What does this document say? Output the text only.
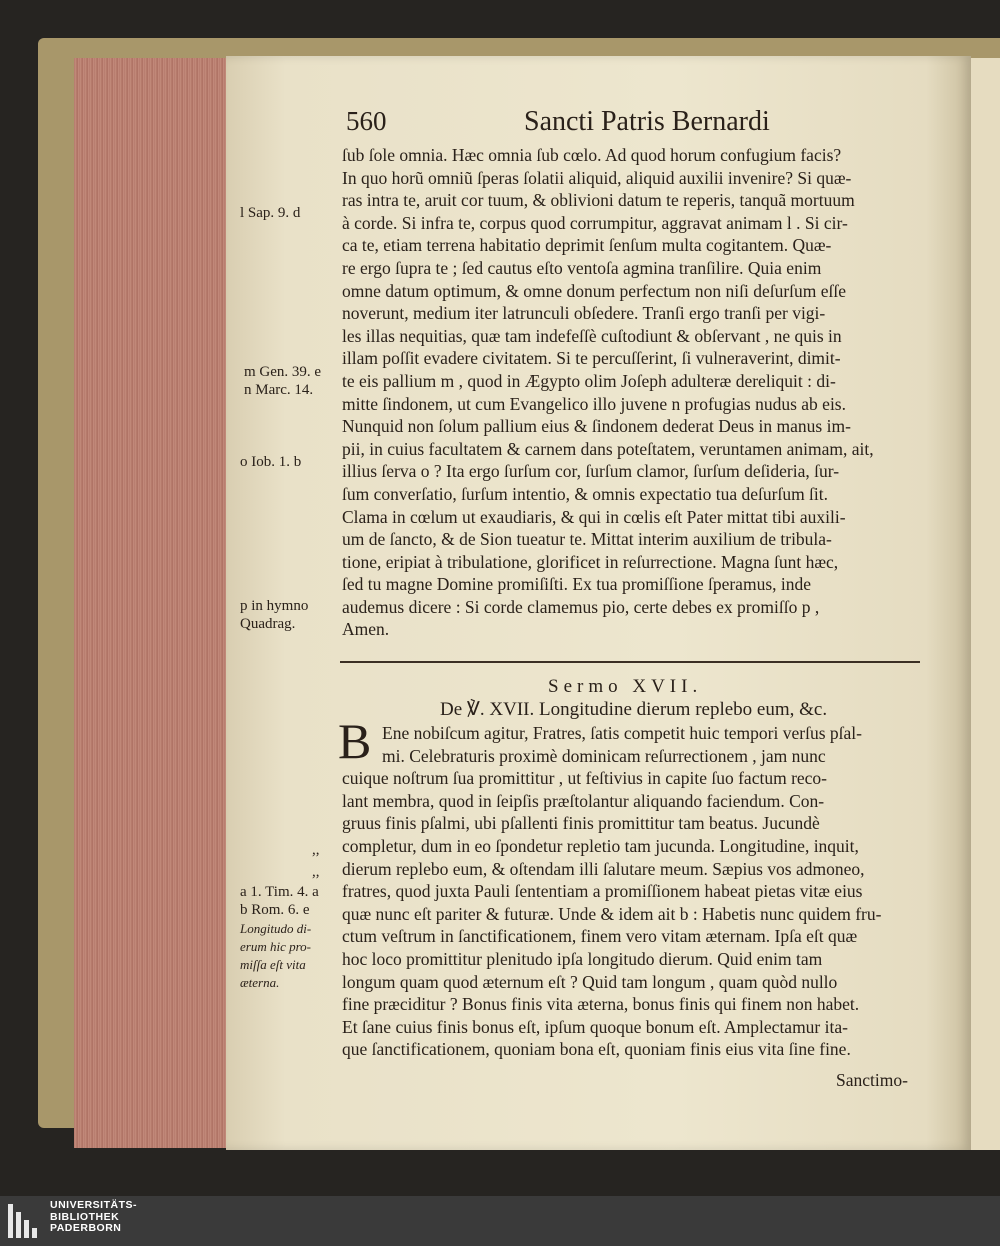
560	Sancti Patris Bernardi
ſub ſole omnia. Hæc omnia ſub cœlo. Ad quod horum confugium facis?
In quo horũ omniũ ſperas ſolatii aliquid, aliquid auxilii invenire? Si quæ-
ras intra te, aruit cor tuum, & oblivioni datum te reperis, tanquã mortuum
à corde. Si infra te, corpus quod corrumpitur, aggravat animam l . Si cir-
ca te, etiam terrena habitatio deprimit ſenſum multa cogitantem. Quæ-
re ergo ſupra te ; ſed cautus eſto ventoſa agmina tranſilire. Quia enim
omne datum optimum, & omne donum perfectum non niſi deſurſum eſſe
noverunt, medium iter latrunculi obſedere. Tranſi ergo tranſi per vigi-
les illas nequitias, quæ tam indefeſſè cuſtodiunt & obſervant , ne quis in
illam poſſit evadere civitatem. Si te percuſſerint, ſi vulneraverint, dimit-
te eis pallium m , quod in Ægypto olim Joſeph adulteræ dereliquit : di-
mitte ſindonem, ut cum Evangelico illo juvene n profugias nudus ab eis.
Nunquid non ſolum pallium eius & ſindonem dederat Deus in manus im-
pii, in cuius facultatem & carnem dans poteſtatem, veruntamen animam, ait,
illius ſerva o ? Ita ergo ſurſum cor, ſurſum clamor, ſurſum deſideria, ſur-
ſum converſatio, ſurſum intentio, & omnis expectatio tua deſurſum ſit.
Clama in cœlum ut exaudiaris, & qui in cœlis eſt Pater mittat tibi auxili-
um de ſancto, & de Sion tueatur te. Mittat interim auxilium de tribula-
tione, eripiat à tribulatione, glorificet in reſurrectione. Magna ſunt hæc,
ſed tu magne Domine promiſiſti. Ex tua promiſſione ſperamus, inde
audemus dicere : Si corde clamemus pio, certe debes ex promiſſo p ,
Amen.
l Sap. 9. d
m Gen. 39. e
n Marc. 14.
o Iob. 1. b
p in hymno
Quadrag.
Sermo XVII.
De ℣. XVII. Longitudine dierum replebo eum, &c.
B Ene nobiſcum agitur, Fratres, ſatis competit huic tempori verſus pſal-
mi. Celebraturis proximè dominicam reſurrectionem , jam nunc
cuique noſtrum ſua promittitur , ut feſtivius in capite ſuo factum reco-
lant membra, quod in ſeipſis præſtolantur aliquando faciendum. Con-
gruus finis pſalmi, ubi pſallenti finis promittitur tam beatus. Jucundè
completur, dum in eo ſpondetur repletio tam jucunda. Longitudine, inquit,
dierum replebo eum, & oſtendam illi ſalutare meum. Sæpius vos admoneo,
fratres, quod juxta Pauli ſententiam a promiſſionem habeat pietas vitæ eius
quæ nunc eſt pariter & futuræ. Unde & idem ait b : Habetis nunc quidem fru-
ctum veſtrum in ſanctificationem, finem vero vitam æternam. Ipſa eſt quæ
hoc loco promittitur plenitudo ipſa longitudo dierum. Quid enim tam
longum quam quod æternum eſt ? Quid tam longum , quam quòd nullo
fine præciditur ? Bonus finis vita æterna, bonus finis qui finem non habet.
Et ſane cuius finis bonus eſt, ipſum quoque bonum eſt. Amplectamur ita-
que ſanctificationem, quoniam bona eſt, quoniam finis eius vita ſine fine.
,,
,,
a 1. Tim. 4. a
b Rom. 6. e
Longitudo di-
erum hic pro-
miſſa eſt vita
æterna.
Sanctimo-
UNIVERSITÄTS-
BIBLIOTHEK
PADERBORN
